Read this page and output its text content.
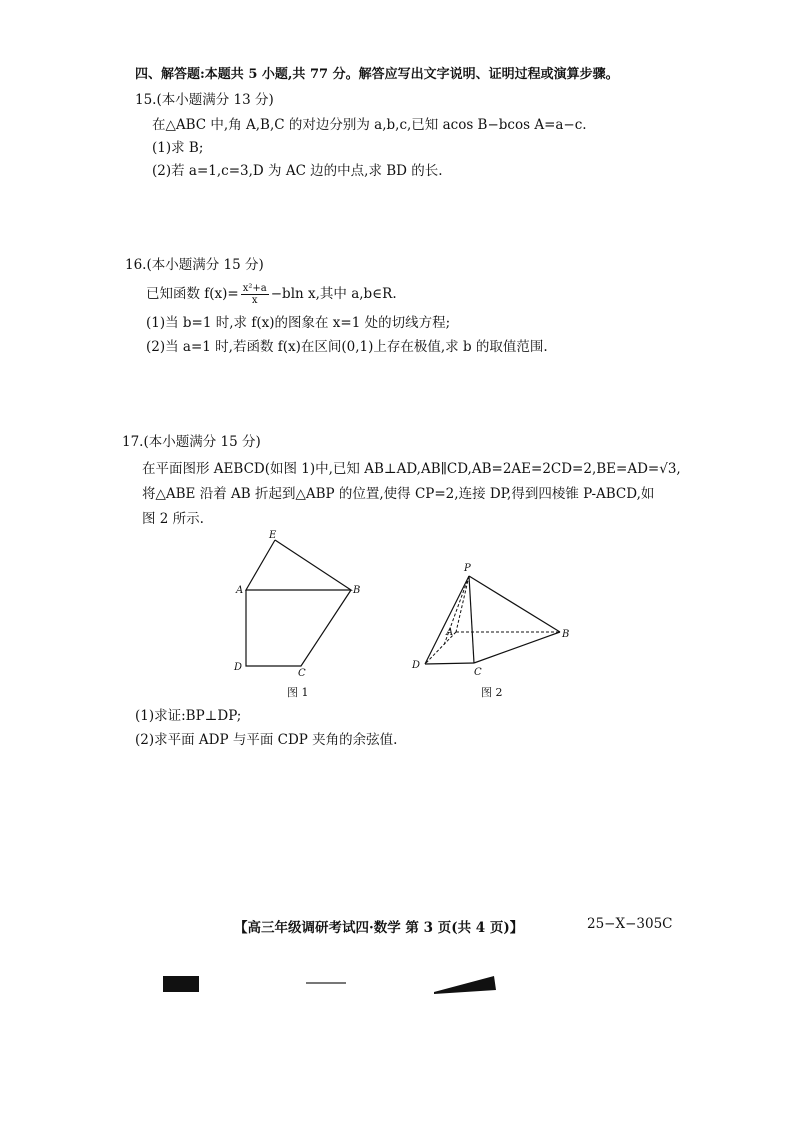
四、解答题:本题共 5 小题,共 77 分。解答应写出文字说明、证明过程或演算步骤。
15.(本小题满分 13 分)
在△ABC 中,角 A,B,C 的对边分别为 a,b,c,已知 acos B−bcos A=a−c.
(1)求 B;
(2)若 a=1,c=3,D 为 AC 边的中点,求 BD 的长.
16.(本小题满分 15 分)
已知函数 $f(x)= \frac{\text{x²+a}}{x} -bln$ x,其中 a,b∈R.
(1)当 b=1 时,求 f(x)的图象在 x=1 处的切线方程;
(2)当 a=1 时,若函数 f(x)在区间(0,1)上存在极值,求 b 的取值范围.
17.(本小题满分 15 分)
在平面图形 AEBCD(如图 1)中,已知 AB⊥AD,AB∥CD,AB=2AE=2CD=2,BE=AD=√3,
将△ABE 沿着 AB 折起到△ABP 的位置,使得 CP=2,连接 DP,得到四棱锥 P-ABCD,如
图 2 所示.
E
A	B
D
C
图 1
P
A	B
D
C
图 2
(1)求证:BP⊥DP;
(2)求平面 ADP 与平面 CDP 夹角的余弦值.
【高三年级调研考试四·数学 第 3 页(共 4 页)】	25−X−305C
